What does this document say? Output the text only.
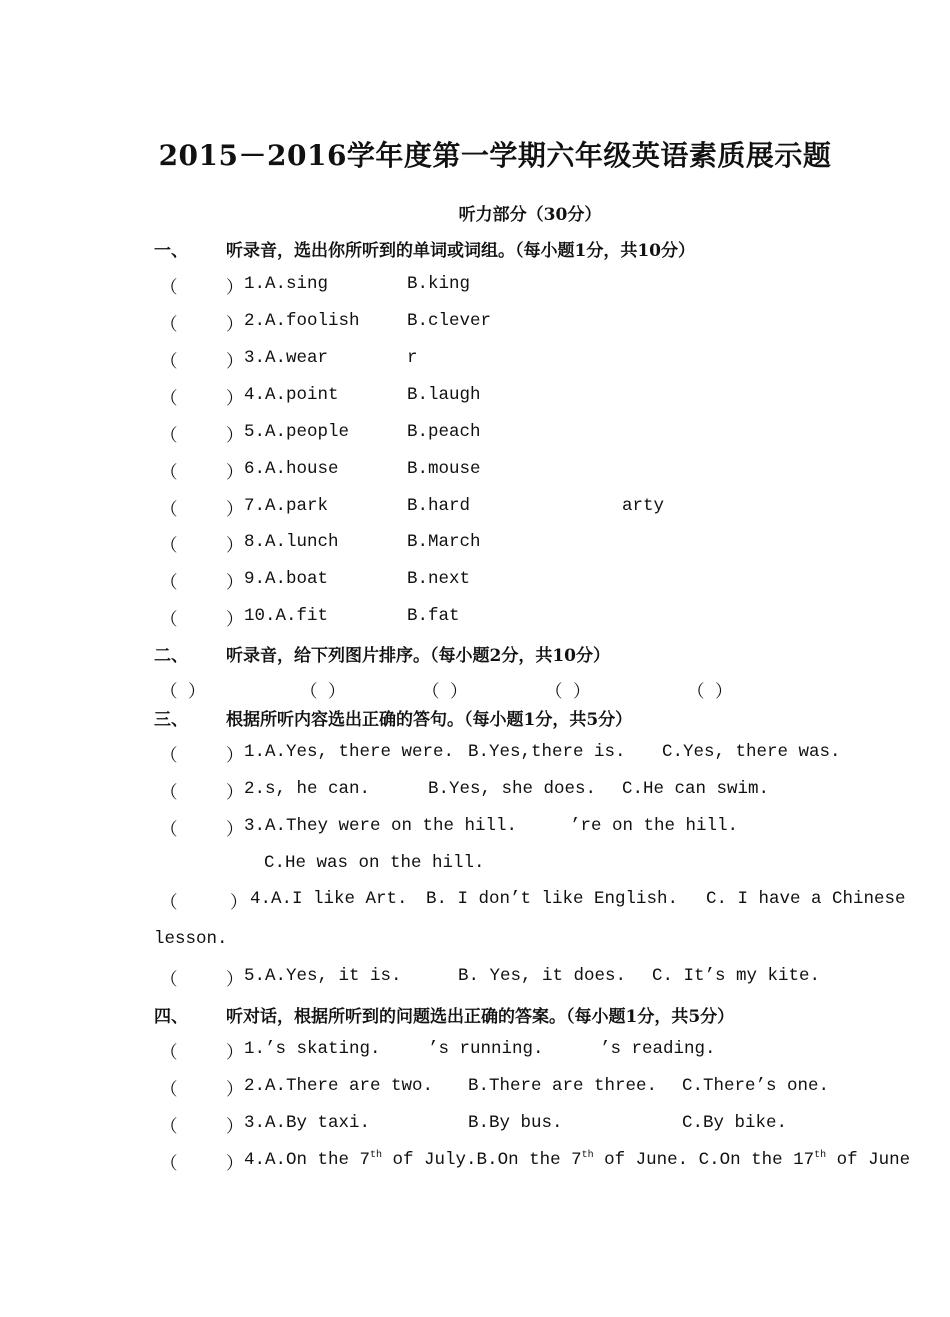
2015－2016学年度第一学期六年级英语素质展示题
听力部分（30分）
一、 听录音，选出你所听到的单词或词组。（每小题1分，共10分）
（	） 1.A.sing	B.king
（	） 2.A.foolish	B.clever
（	） 3.A.wear	r
（	） 4.A.point	B.laugh
（	） 5.A.people	B.peach
（	） 6.A.house	B.mouse
（	） 7.A.park	B.hard	arty
（	） 8.A.lunch	B.March
（	） 9.A.boat	B.next
（	） 10.A.fit	B.fat
二、 听录音，给下列图片排序。（每小题2分，共10分）
（ ）	（ ）	（ ）	（ ）	（ ）
三、 根据所听内容选出正确的答句。（每小题1分，共5分）
（	） 1.A.Yes, there were. B.Yes,there is. C.Yes, there was.
（	） 2.s, he can.	B.Yes, she does. C.He can swim.
（	） 3.A.They were on the hill.	’re on the hill.
C.He was on the hill.
（	） 4.A.I like Art. B. I don’t like English. C. I have a Chinese
lesson.
（	） 5.A.Yes, it is.	B. Yes, it does. C. It’s my kite.
四、 听对话，根据所听到的问题选出正确的答案。（每小题1分，共5分）
（	） 1.’s skating.	’s running.	’s reading.
（	） 2.A.There are two. B.There are three. C.There’s one.
（	） 3.A.By taxi.	B.By bus.	C.By bike.
（	） 4.A.On the 7th of July.B.On the 7th of June. C.On the 17th of June
